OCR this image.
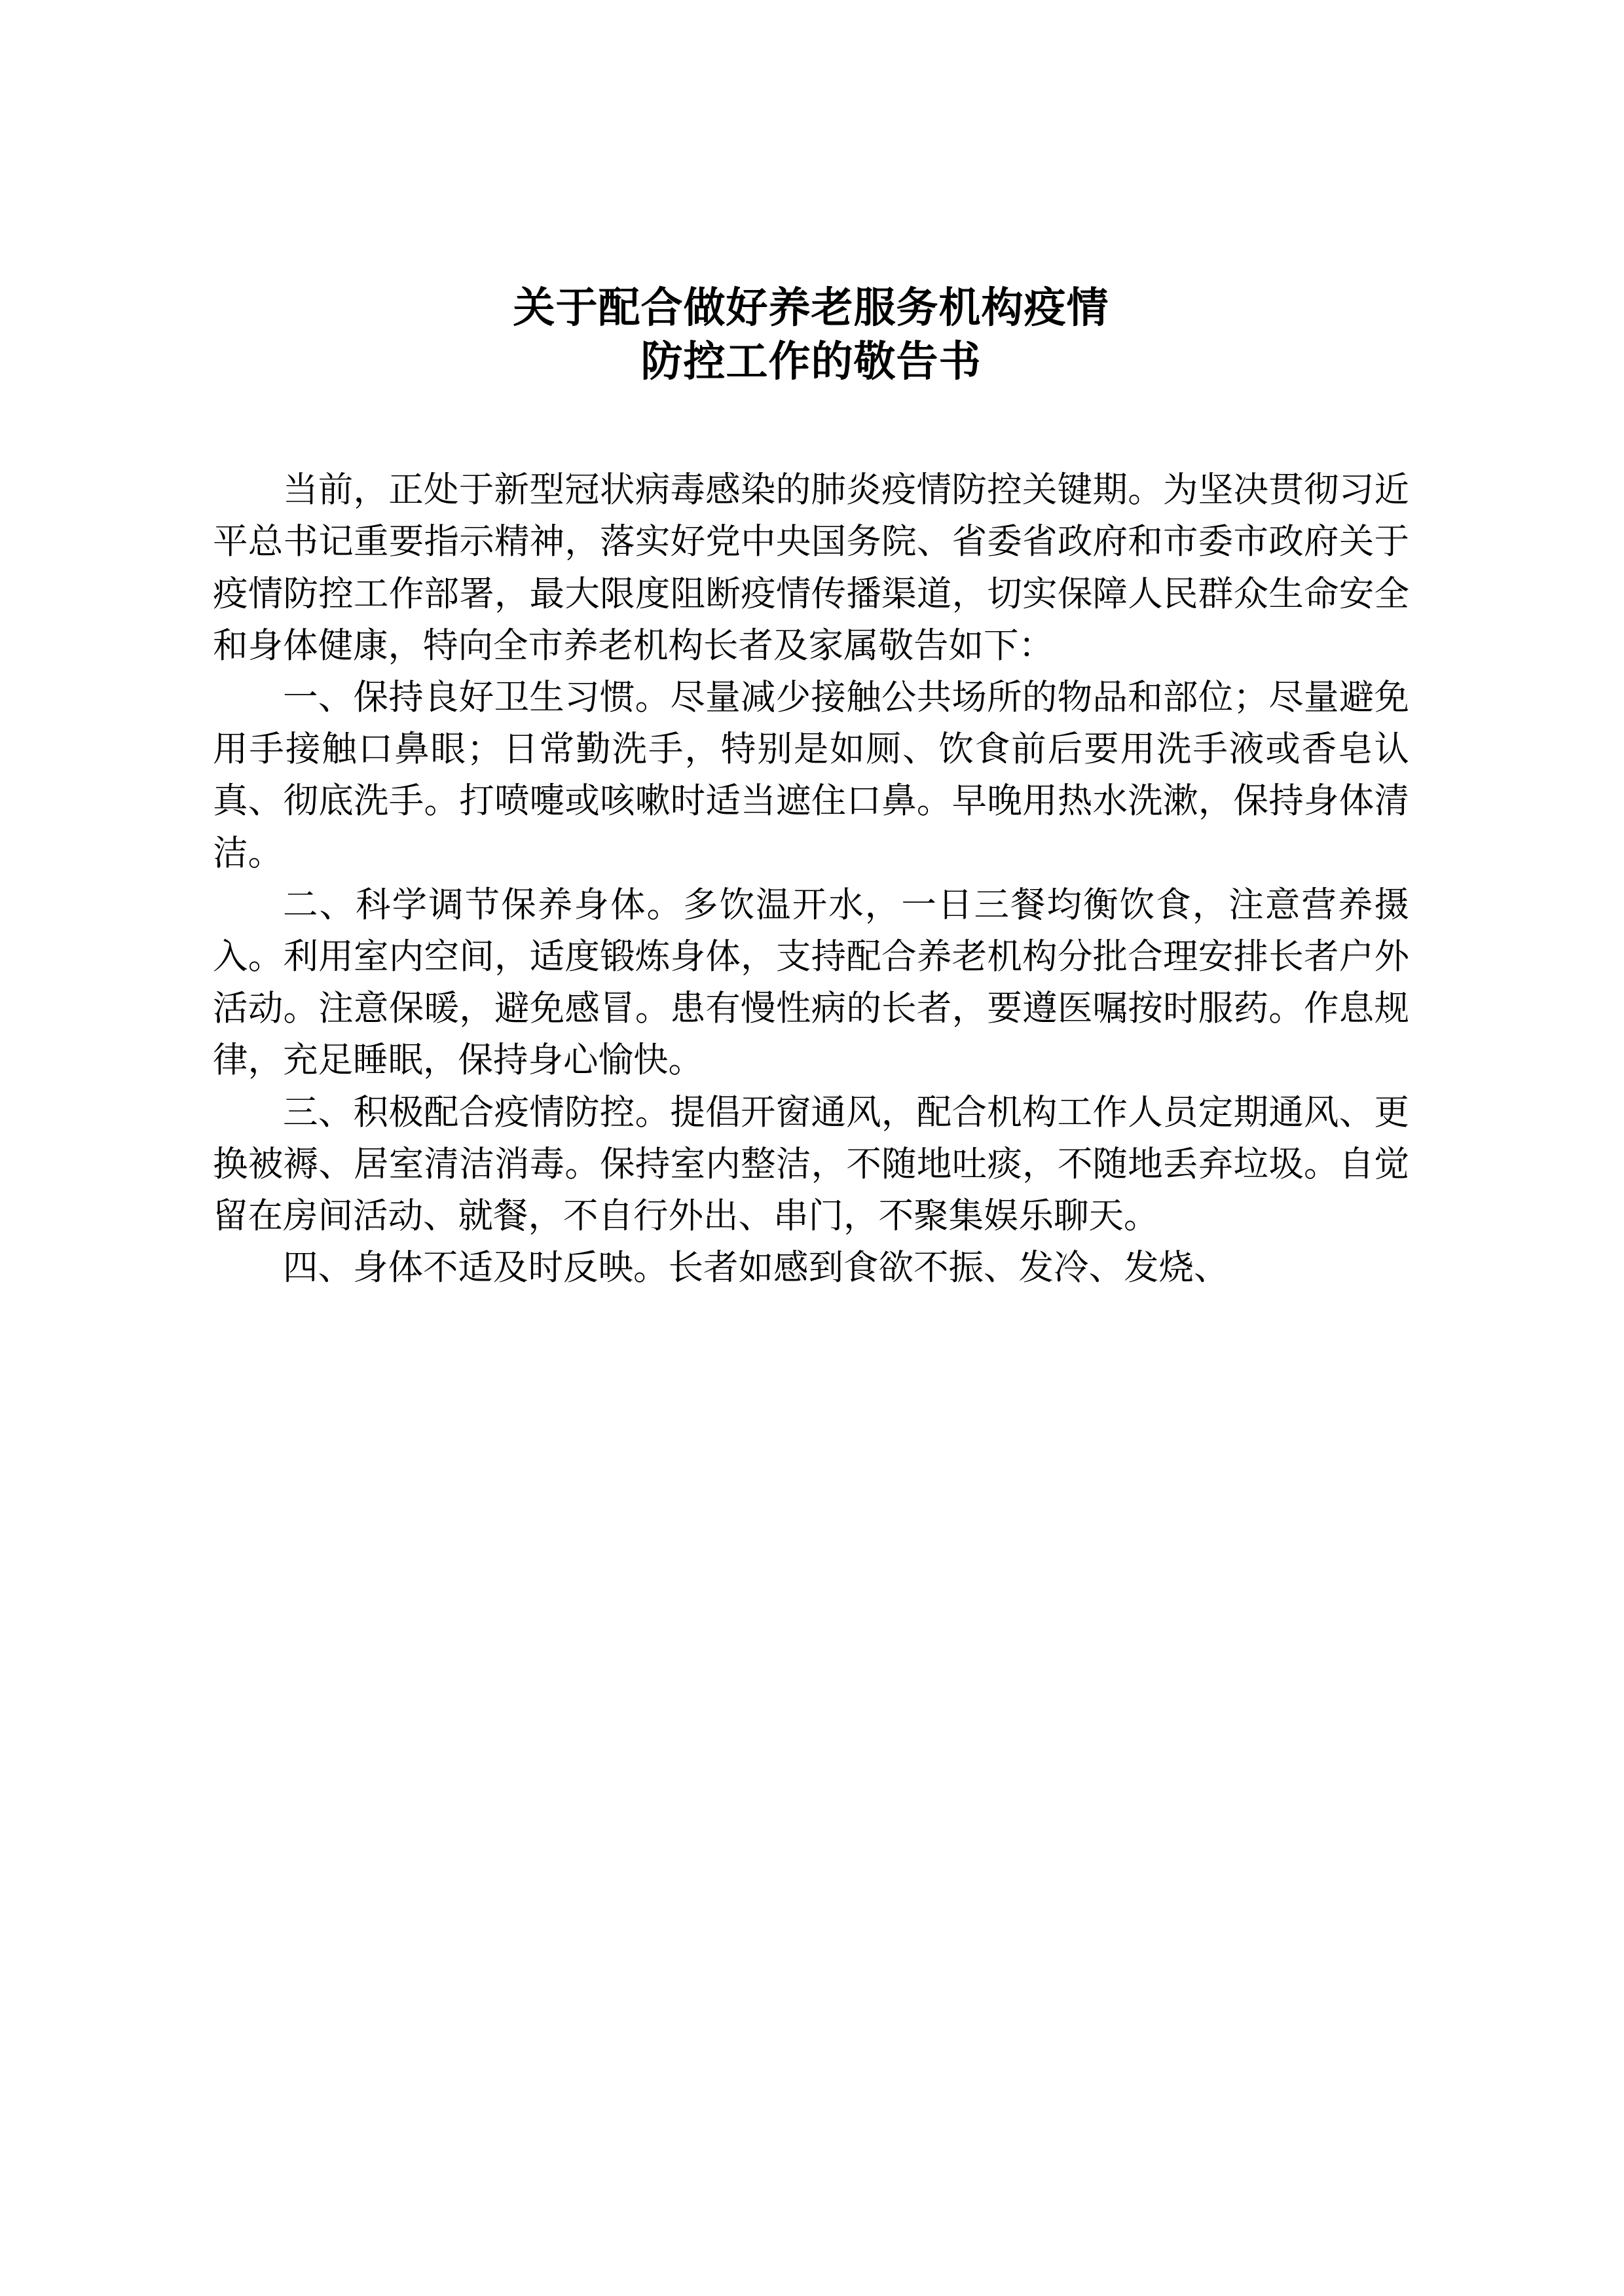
关于配合做好养老服务机构疫情
防控工作的敬告书

当前，正处于新型冠状病毒感染的肺炎疫情防控关键期。为坚决贯彻习近平总书记重要指示精神，落实好党中央国务院、省委省政府和市委市政府关于疫情防控工作部署，最大限度阻断疫情传播渠道，切实保障人民群众生命安全和身体健康，特向全市养老机构长者及家属敬告如下：

一、保持良好卫生习惯。尽量减少接触公共场所的物品和部位；尽量避免用手接触口鼻眼；日常勤洗手，特别是如厕、饮食前后要用洗手液或香皂认真、彻底洗手。打喷嚏或咳嗽时适当遮住口鼻。早晚用热水洗漱，保持身体清洁。

二、科学调节保养身体。多饮温开水，一日三餐均衡饮食，注意营养摄入。利用室内空间，适度锻炼身体，支持配合养老机构分批合理安排长者户外活动。注意保暖，避免感冒。患有慢性病的长者，要遵医嘱按时服药。作息规律，充足睡眠，保持身心愉快。

三、积极配合疫情防控。提倡开窗通风，配合机构工作人员定期通风、更换被褥、居室清洁消毒。保持室内整洁，不随地吐痰，不随地丢弃垃圾。自觉留在房间活动、就餐，不自行外出、串门，不聚集娱乐聊天。

四、身体不适及时反映。长者如感到食欲不振、发冷、发烧、
